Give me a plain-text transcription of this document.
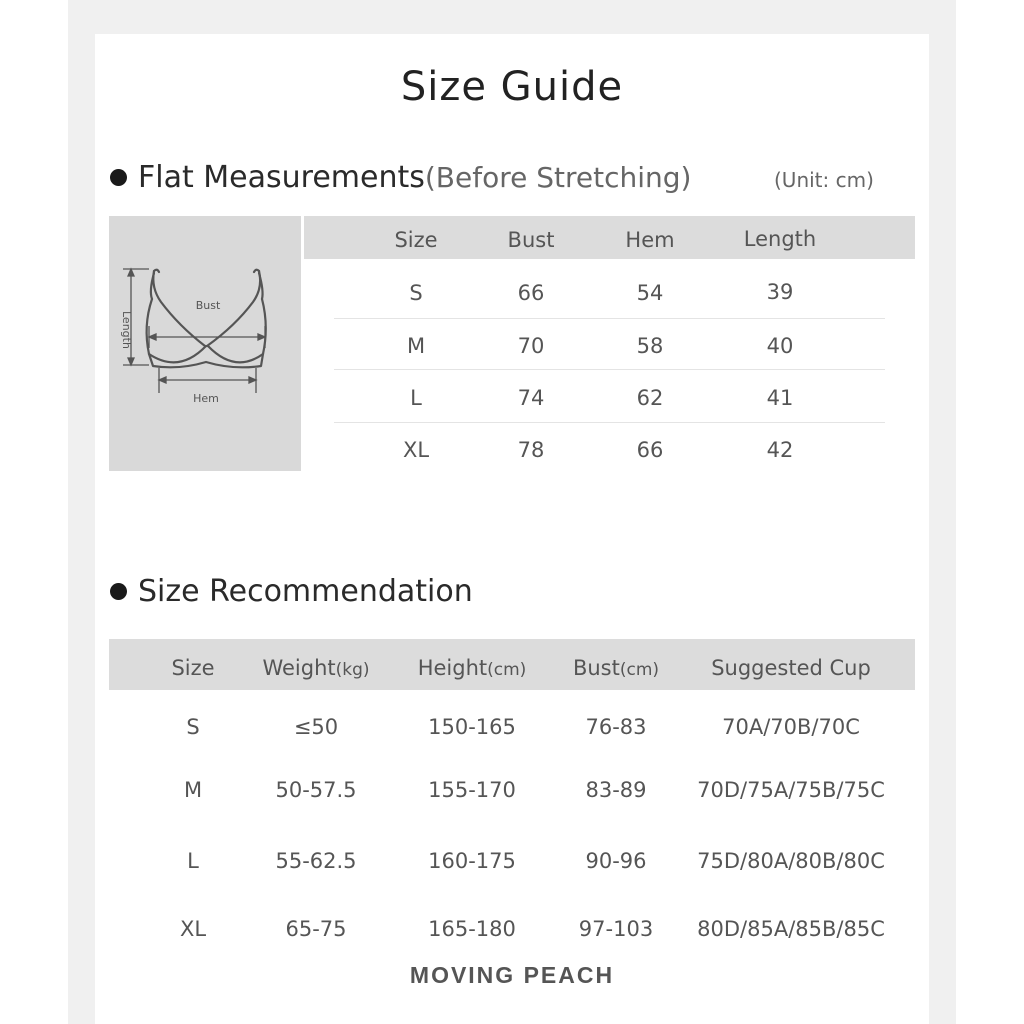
Size Guide
Flat Measurements (Before Stretching)	(Unit: cm)
Length
Bust
Hem
Size	Bust	Hem	Length
S	66	54	39
M	70	58	40
L	74	62	41
XL	78	66	42
Size Recommendation
Size Weight(kg) Height(cm) Bust(cm) Suggested Cup
S	≤50	150-165	76-83	70A/70B/70C
M	50-57.5	155-170	83-89 70D/75A/75B/75C
L	55-62.5	160-175	90-96 75D/80A/80B/80C
XL	65-75	165-180	97-103 80D/85A/85B/85C
MOVING PEACH
